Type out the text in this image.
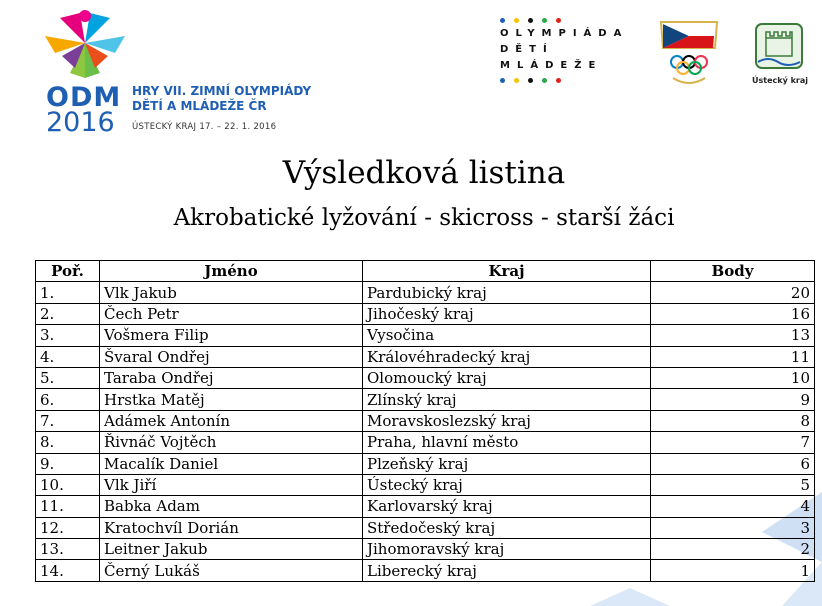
ODM
2016
HRY VII. ZIMNÍ OLYMPIÁDY
DĚTÍ A MLÁDEŽE ČR
ÚSTECKÝ KRAJ 17. – 22. 1. 2016
OLYMPIÁDA
DĚTÍ
MLÁDEŽE
Ústecký kraj
Výsledková listina
Akrobatické lyžování - skicross - starší žáci
Poř.	Jméno	Kraj	Body
1.	Vlk Jakub	Pardubický kraj	20
2.	Čech Petr	Jihočeský kraj	16
3.	Vošmera Filip	Vysočina	13
4.	Švaral Ondřej	Královéhradecký kraj	11
5.	Taraba Ondřej	Olomoucký kraj	10
6.	Hrstka Matěj	Zlínský kraj	9
7.	Adámek Antonín	Moravskoslezský kraj	8
8.	Řivnáč Vojtěch	Praha, hlavní město	7
9.	Macalík Daniel	Plzeňský kraj	6
10.	Vlk Jiří	Ústecký kraj	5
11.	Babka Adam	Karlovarský kraj	4
12.	Kratochvíl Dorián	Středočeský kraj	3
13.	Leitner Jakub	Jihomoravský kraj	2
14.	Černý Lukáš	Liberecký kraj	1
